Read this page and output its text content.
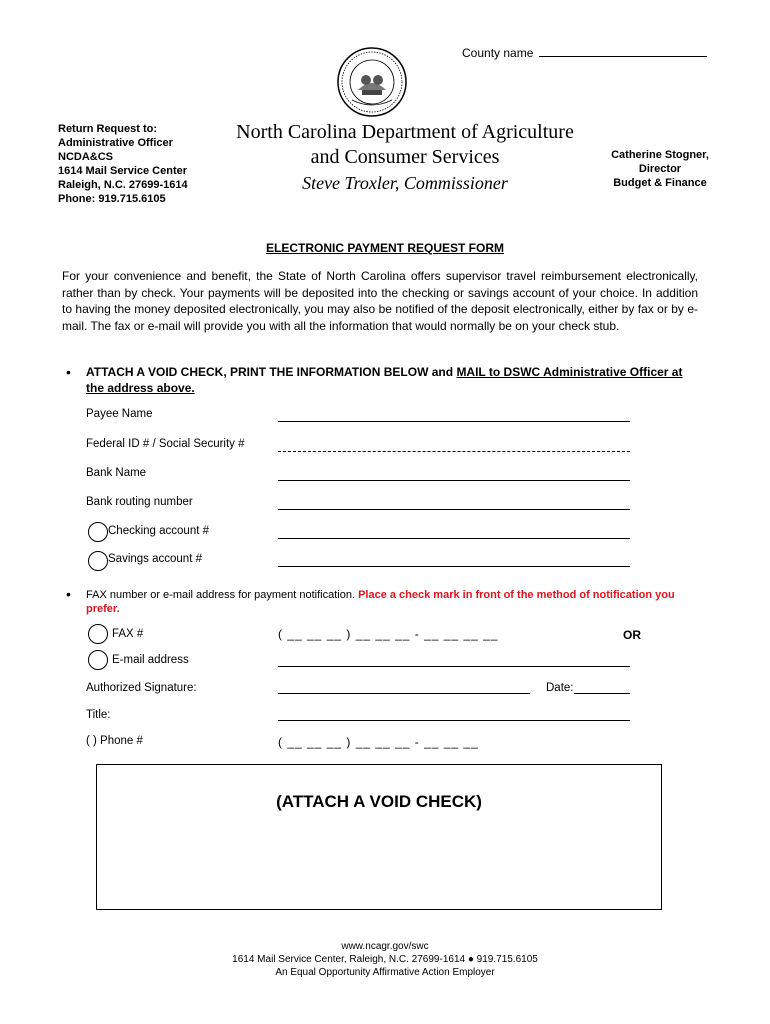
County name
Return Request to:
Administrative Officer
NCDA&CS
1614 Mail Service Center
Raleigh, N.C. 27699-1614
Phone: 919.715.6105
North Carolina Department of Agriculture
and Consumer Services
Steve Troxler, Commissioner
Catherine Stogner,
Director
Budget & Finance
ELECTRONIC PAYMENT REQUEST FORM
For your convenience and benefit, the State of North Carolina offers supervisor travel reimbursement electronically, rather than by check. Your payments will be deposited into the checking or savings account of your choice. In addition to having the money deposited electronically, you may also be notified of the deposit electronically, either by fax or by e-mail. The fax or e-mail will provide you with all the information that would normally be on your check stub.
• ATTACH A VOID CHECK, PRINT THE INFORMATION BELOW and MAIL to DSWC Administrative Officer at the address above.
Payee Name
Federal ID # / Social Security #
Bank Name
Bank routing number
Checking account #
Savings account #
• FAX number or e-mail address for payment notification. Place a check mark in front of the method of notification you prefer.
FAX #	( __ __ __ ) __ __ __ - __ __ __ __	OR
E-mail address
Authorized Signature:	Date:
Title:
( ) Phone #	( __ __ __ ) __ __ __ - __ __ __
(ATTACH A VOID CHECK)
www.ncagr.gov/swc
1614 Mail Service Center, Raleigh, N.C. 27699-1614 ● 919.715.6105
An Equal Opportunity Affirmative Action Employer
